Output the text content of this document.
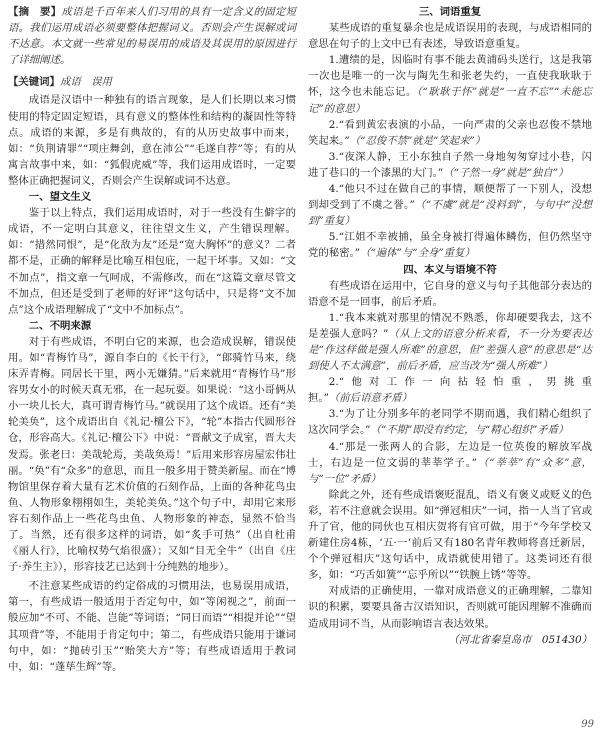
【摘　要】成语是千百年来人们习用的具有一定含义的固定短语。我们运用成语必须要整体把握词义。否则会产生误解或词不达意。本文就一些常见的易误用的成语及其误用的原因进行了详细阐述。

【关键词】成语　误用

成语是汉语中一种独有的语言现象，是人们长期以来习惯使用的特定固定短语，具有意义的整体性和结构的凝固性等特点。成语的来源，多是有典故的，有的从历史故事中而来，如：“负荆请罪”“项庄舞剑，意在沛公”“毛遂自荐”等；有的从寓言故事中来，如：“狐假虎威”等，我们运用成语时，一定要整体正确把握词义，否则会产生误解或词不达意。

一、望文生义

鉴于以上特点，我们运用成语时，对于一些没有生僻字的成语，不一定明白其意义，往往望文生义，产生错误理解。如：“措然同恨”，是“化敌为友”还是“宽大胸怀”的意义？二者都不是，正确的解释是比喻互相包庇，一起干坏事。又如：“文不加点”，指文章一气呵成，不需修改，而在“这篇文章尽管文不加点，但还是受到了老师的好评”这句话中，只是将“文不加点”这个成语理解成了“文中不加标点”。

二、不明来源

对于有些成语，不明白它的来源，也会造成误解，错误使用。如“青梅竹马”，源自李白的《长干行》，“郎骑竹马来，绕床弄青梅。同居长干里，两小无嫌猜。”后来就用“青梅竹马”形容男女小的时候天真无邪，在一起玩耍。如果说：“这小哥俩从小一块儿长大，真可谓青梅竹马。”就误用了这个成语。还有“美轮美奂”，这个成语出自《礼记·檀公下》，“轮”本指古代圆形谷仓，形容高大。《礼记·檀公下》中说：“晋献文子成室，晋大夫发焉。张老曰：美哉轮焉，美哉奂焉！”后用来形容房屋宏伟壮丽。“奂”有“众多”的意思，而且一般多用于赞美新屋。而在“博物馆里保存着大量有艺术价值的石刻作品，上面的各种花鸟虫鱼、人物形象栩栩如生，美轮美奂。”这个句子中，却用它来形容石刻作品上一些花鸟虫鱼、人物形象的神态，显然不恰当了。当然，还有很多这样的词语，如“炙手可热”（出自杜甫《丽人行》，比喻权势气焰很盛）；又如“目无全牛”（出自《庄子·养生主》），形容技艺已达到十分纯熟的地步）。

不注意某些成语的约定俗成的习惯用法，也易误用成语，第一，有些成语一般适用于否定句中，如“等闲视之”，前面一般应加“不可、不能、岂能”等词语；“同日而语”“相提并论”“望其项背”等，不能用于肯定句中；第二，有些成语只能用于谦词句中，如：“抛砖引玉”“贻笑大方”等；有些成语适用于教词中，如：“蓬荜生辉”等。

三、词语重复

某些成语的重复暴余也是成语误用的表现，与成语相同的意思在句子的上文中已有表述，导致语意重复。

1.遭绩的是，因临时有事不能去黄浦码头送行，这是我第一次也是唯一的一次与陶先生和张老失约，一直使我耿耿于怀，这今也未能忘记。（“耿耿于怀”就是“一直不忘”“未能忘记”的意思）

2.“看到黄宏表演的小品，一向严肃的父亲也忍俊不禁地笑起来。”（“忍俊不禁”就是“笑起来”）

3.“夜深人静，王小东独自子然一身地匆匆穿过小巷，闪进了巷口的一个漆黑的大门。”（“子然一身”就是“独自”）

4.“他只不过在做自己的事情，顺便帮了一下别人，没想到却受到了不虞之誉。”（“不虞”就是“没料到”，与句中“没想到”重复）

5.“江姐不幸被捕，虽全身被打得遍体鳞伤，但仍然坚守党的秘密。”（“遍体”与“全身”重复）

四、本义与语境不符

有些成语在运用中，它自身的意义与句子其他部分表达的语意不是一回事，前后矛盾。

1.“我本来就对那里的情况不熟悉，你却硬要我去，这不是差强人意吗？”（从上文的语意分析来看，不一分为要表达是“作这样做是强人所难”的意思，但“差强人意”的意思是“达到使人不太满意”，前后矛盾，应当改为“强人所难”）

2.“他对工作一向拈轻怕重，男挑重担。”（前后语意矛盾）

3.“为了让分别多年的老同学不期而遇，我们精心组织了这次同学会。”（“不期”即没有约定，与“精心组织”矛盾）

4.“那是一张两人的合影，左边是一位英俊的解放军战士，右边是一位文弱的莘莘学子。”（“莘莘”有“众多”意，与“一位”矛盾）

除此之外，还有些成语褒贬混乱，语义有褒义或贬义的色彩，若不注意就会误用。如“弹冠相庆”一词，指一人当了官或升了官，他的同伙也互相庆贺将有官可做，用于“今年学校又新建住房4栋，‘五·一’前后又有180名青年教师将喜迁新居，个个弹冠相庆”这句话中，成语就使用错了。这类词还有很多，如：“巧舌如簧”“忘乎所以”“铁腕上锈”等等。

对成语的正确使用，一靠对成语意义的正确理解，二靠知识的积累，要要具备古汉语知识，否则就可能因理解不准确而造成用词不当，从而影响语言表达效果。

（河北省秦皇岛市　051430）

99
